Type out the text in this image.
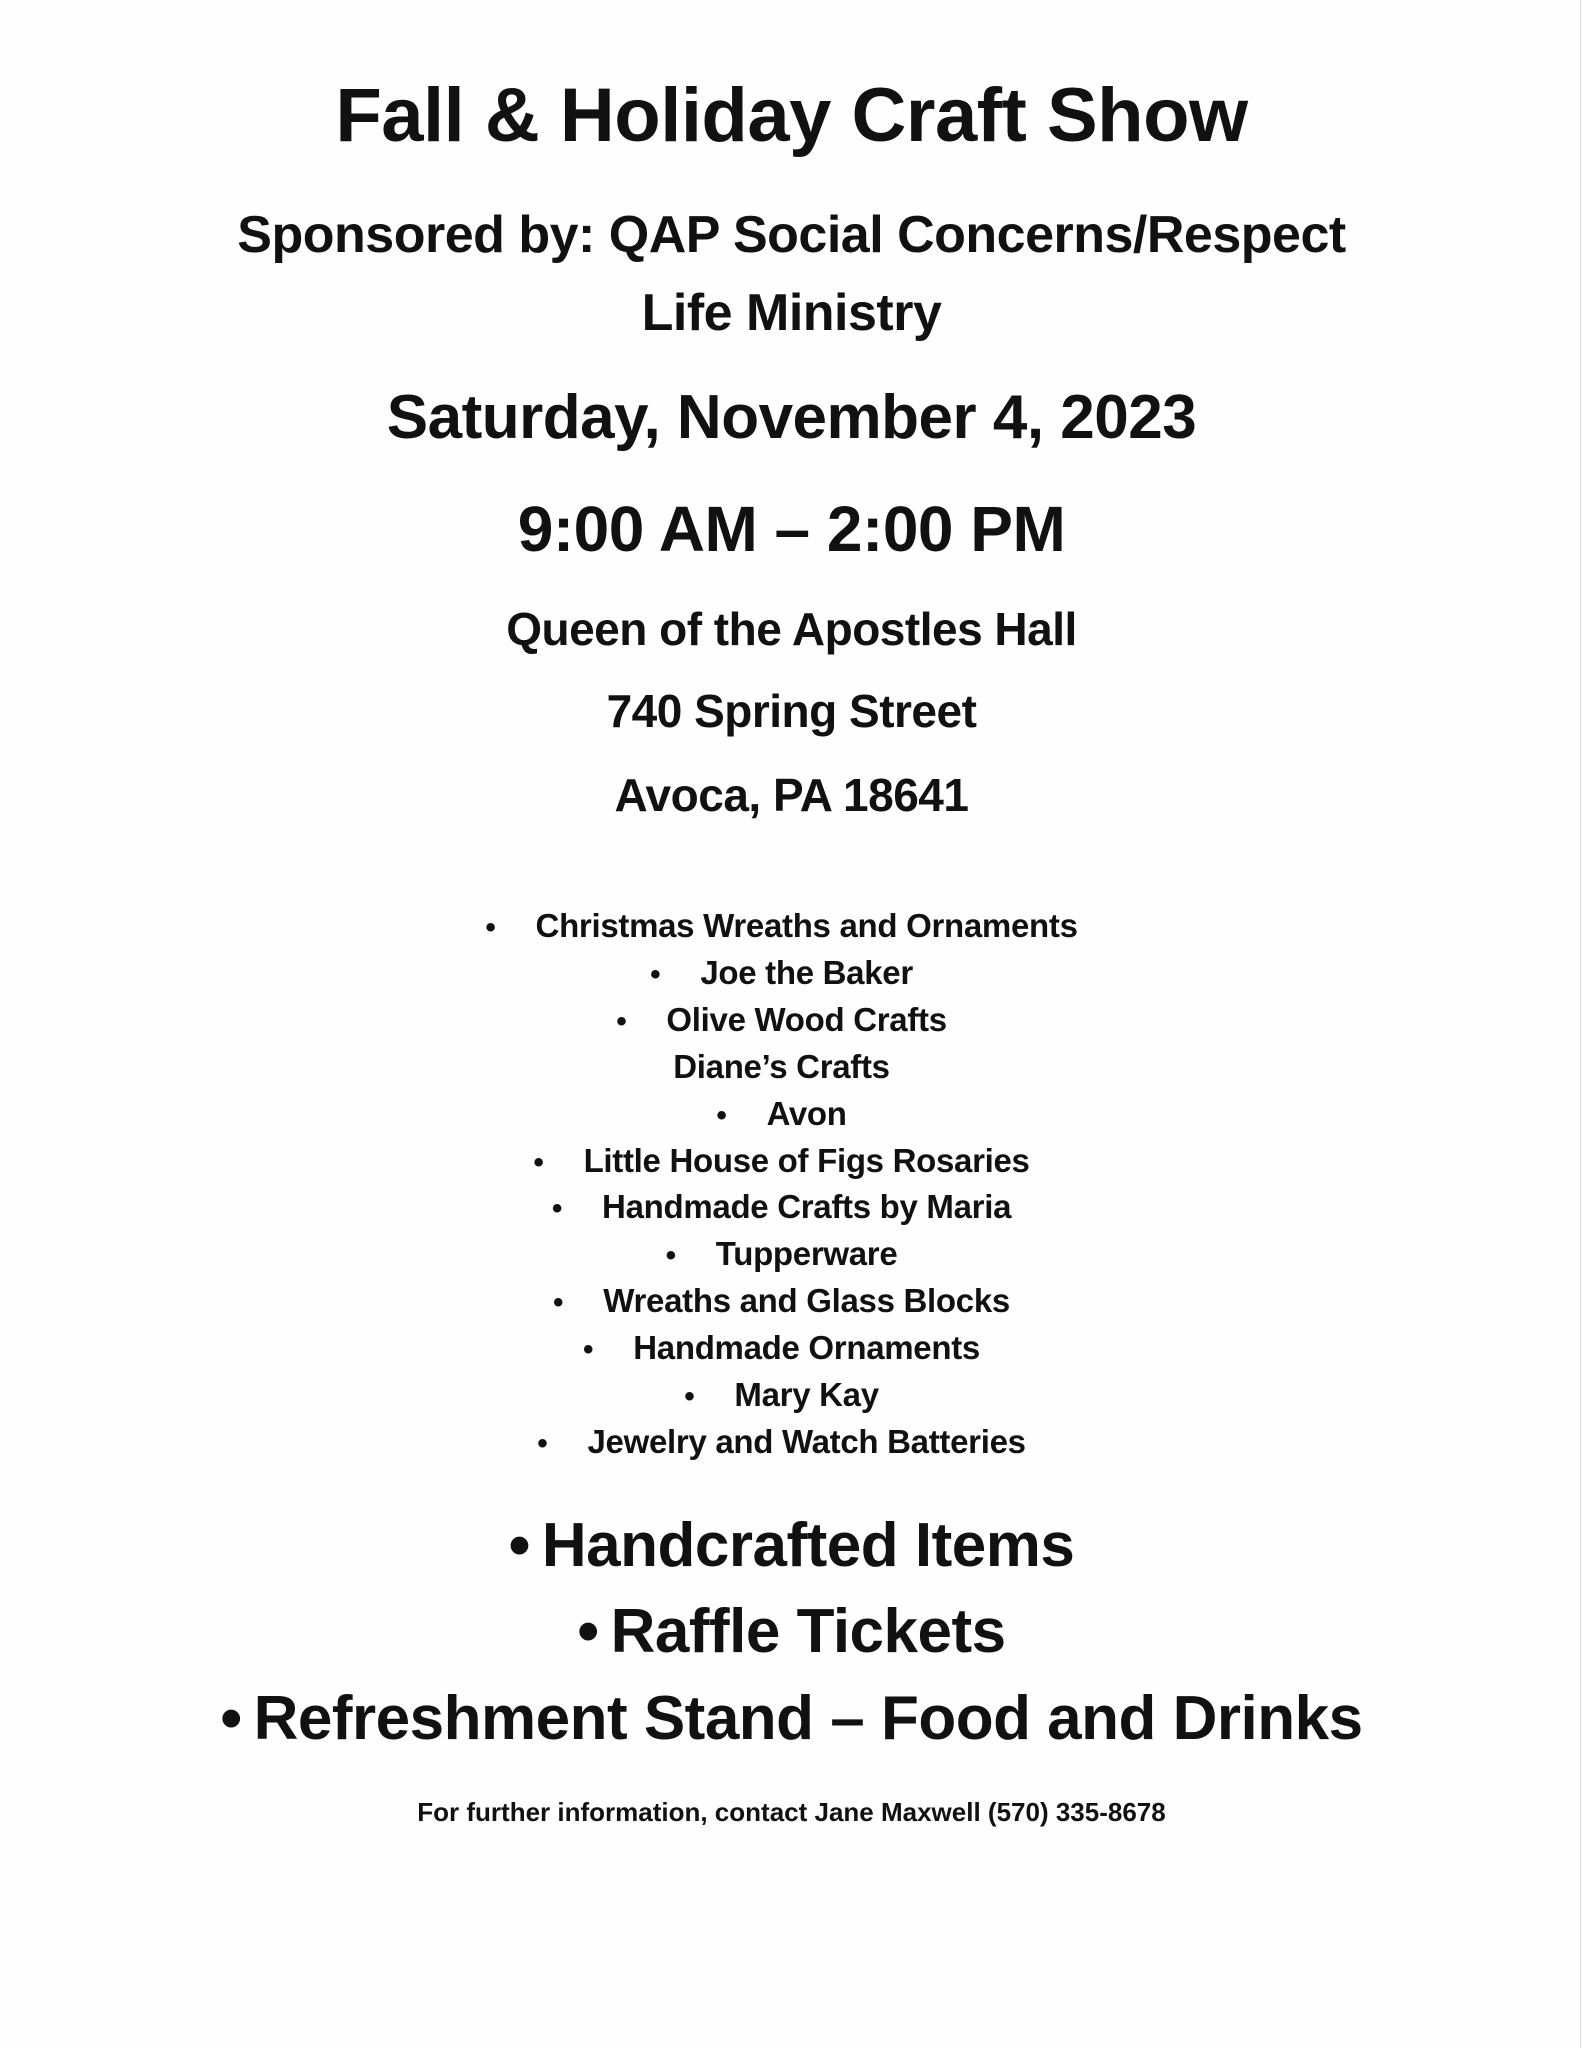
Fall & Holiday Craft Show
Sponsored by: QAP Social Concerns/Respect
Life Ministry
Saturday, November 4, 2023
9:00 AM – 2:00 PM
Queen of the Apostles Hall
740 Spring Street
Avoca, PA 18641
• Christmas Wreaths and Ornaments
• Joe the Baker
• Olive Wood Crafts
Diane’s Crafts
• Avon
• Little House of Figs Rosaries
• Handmade Crafts by Maria
• Tupperware
• Wreaths and Glass Blocks
• Handmade Ornaments
• Mary Kay
• Jewelry and Watch Batteries
• Handcrafted Items
• Raffle Tickets
• Refreshment Stand – Food and Drinks
For further information, contact Jane Maxwell (570) 335-8678
